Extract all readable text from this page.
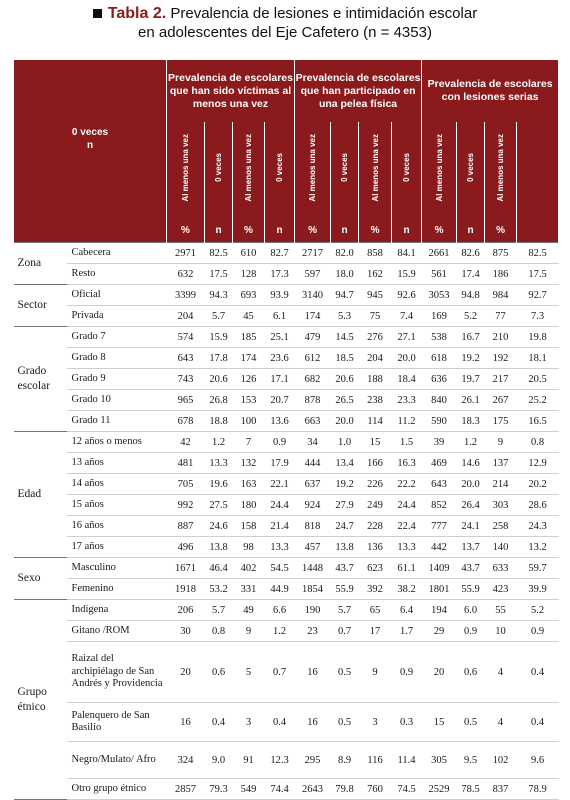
Tabla 2. Prevalencia de lesiones e intimidación escolar
en adolescentes del Eje Cafetero (n = 4353)
0 veces
n		Prevalencia de escolares que han sido víctimas al menos una vez				Prevalencia de escolares que han participado en una pelea física				Prevalencia de escolares con lesiones serias			
		Al menos una vez	0 veces	Al menos una vez	0 veces	Al menos una vez	0 veces	Al menos una vez	0 veces	Al menos una vez	0 veces	Al menos una vez	
		%	n	%	n	%	n	%	n	%	n	%	
Zona	Cabecera	2971	82.5	610	82.7	2717	82.0	858	84.1	2661	82.6	875	82.5
	Resto	632	17.5	128	17.3	597	18.0	162	15.9	561	17.4	186	17.5
Sector	Oficial	3399	94.3	693	93.9	3140	94.7	945	92.6	3053	94.8	984	92.7
	Privada	204	5.7	45	6.1	174	5.3	75	7.4	169	5.2	77	7.3
Grado escolar	Grado 7	574	15.9	185	25.1	479	14.5	276	27.1	538	16.7	210	19.8
	Grado 8	643	17.8	174	23.6	612	18.5	204	20.0	618	19.2	192	18.1
	Grado 9	743	20.6	126	17.1	682	20.6	188	18.4	636	19.7	217	20.5
	Grado 10	965	26.8	153	20.7	878	26.5	238	23.3	840	26.1	267	25.2
	Grado 11	678	18.8	100	13.6	663	20.0	114	11.2	590	18.3	175	16.5
Edad	12 años o menos	42	1.2	7	0.9	34	1.0	15	1.5	39	1.2	9	0.8
	13 años	481	13.3	132	17.9	444	13.4	166	16.3	469	14.6	137	12.9
	14 años	705	19.6	163	22.1	637	19.2	226	22.2	643	20.0	214	20.2
	15 años	992	27.5	180	24.4	924	27.9	249	24.4	852	26.4	303	28.6
	16 años	887	24.6	158	21.4	818	24.7	228	22.4	777	24.1	258	24.3
	17 años	496	13.8	98	13.3	457	13.8	136	13.3	442	13.7	140	13.2
Sexo	Masculino	1671	46.4	402	54.5	1448	43.7	623	61.1	1409	43.7	633	59.7
	Femenino	1918	53.2	331	44.9	1854	55.9	392	38.2	1801	55.9	423	39.9
Grupo étnico	Indígena	206	5.7	49	6.6	190	5.7	65	6.4	194	6.0	55	5.2
	Gitano /ROM	30	0.8	9	1.2	23	0.7	17	1.7	29	0.9	10	0.9
	Raizal del archipiélago de San Andrés y Providencia	20	0.6	5	0.7	16	0.5	9	0.9	20	0.6	4	0.4
	Palenquero de San Basilio	16	0.4	3	0.4	16	0.5	3	0.3	15	0.5	4	0.4
	Negro/Mulato/ Afro	324	9.0	91	12.3	295	8.9	116	11.4	305	9.5	102	9.6
	Otro grupo étnico	2857	79.3	549	74.4	2643	79.8	760	74.5	2529	78.5	837	78.9
